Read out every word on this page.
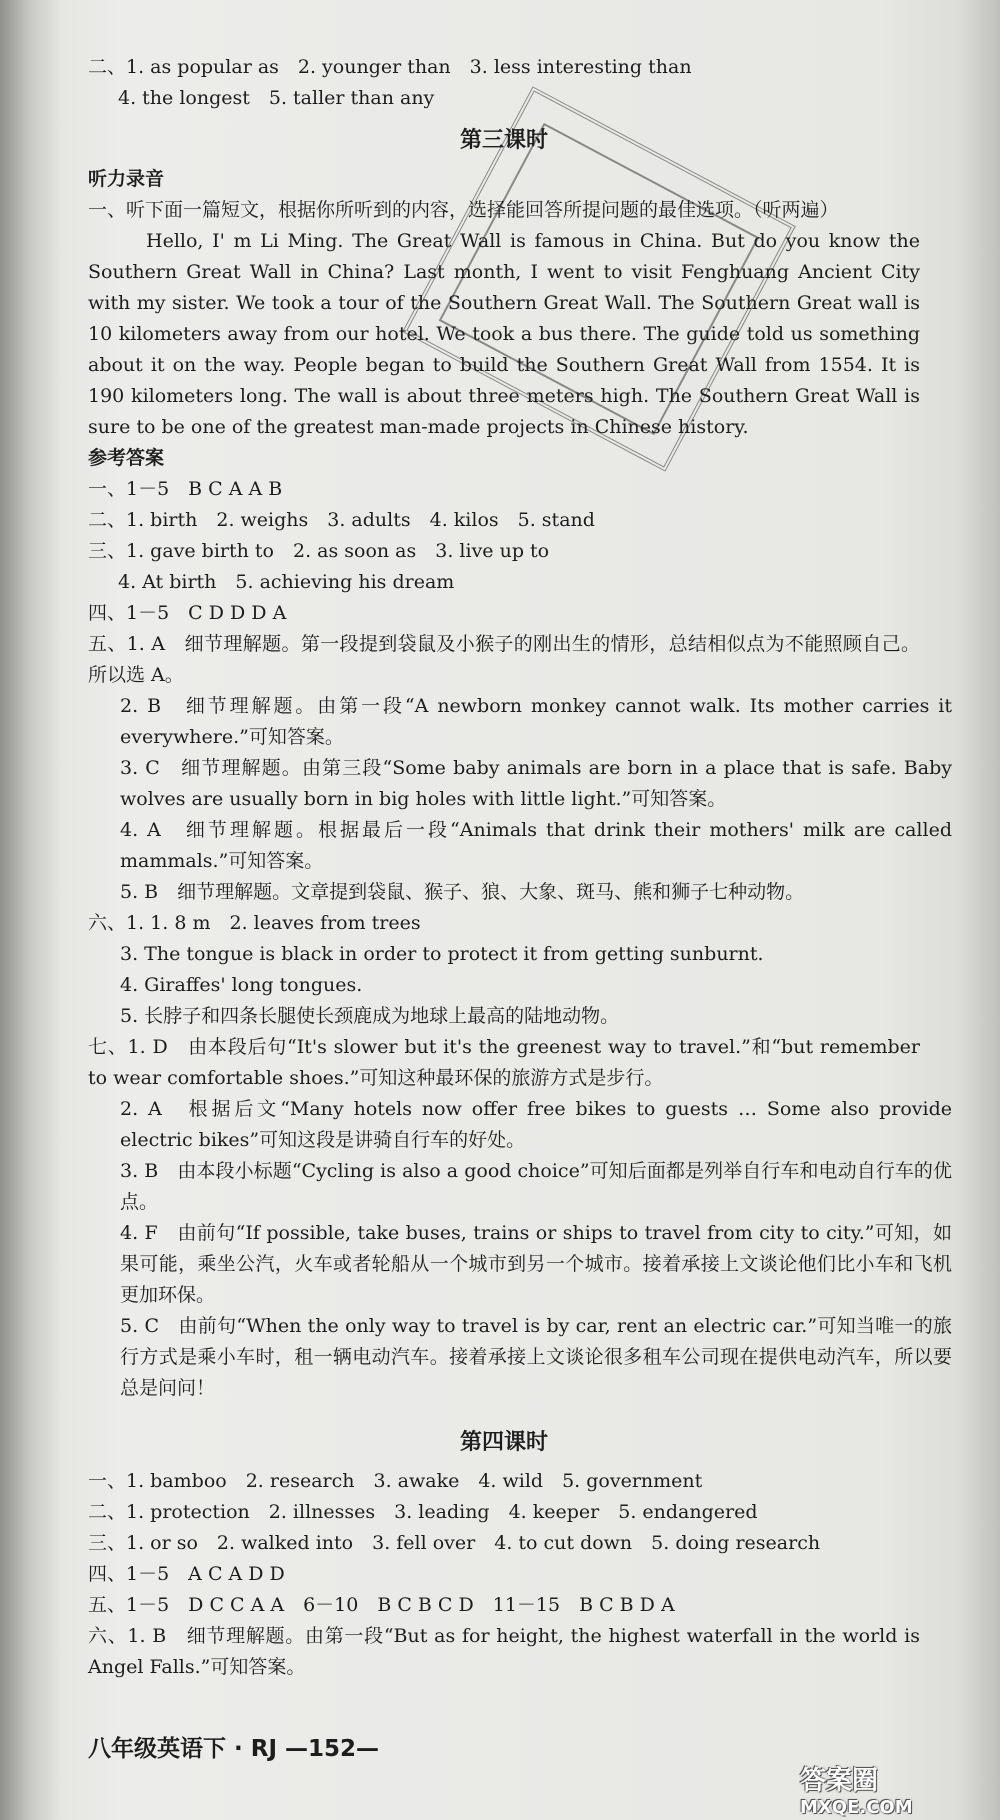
二、1. as popular as　2. younger than　3. less interesting than
4. the longest　5. taller than any
第三课时
听力录音
一、听下面一篇短文，根据你所听到的内容，选择能回答所提问题的最佳选项。（听两遍）
Hello, I' m Li Ming. The Great Wall is famous in China. But do you know the Southern Great Wall in China? Last month, I went to visit Fenghuang Ancient City with my sister. We took a tour of the Southern Great Wall. The Southern Great wall is 10 kilometers away from our hotel. We took a bus there. The guide told us something about it on the way. People began to build the Southern Great Wall from 1554. It is 190 kilometers long. The wall is about three meters high. The Southern Great Wall is sure to be one of the greatest man-made projects in Chinese history.
参考答案
一、1－5　B C A A B
二、1. birth　2. weighs　3. adults　4. kilos　5. stand
三、1. gave birth to　2. as soon as　3. live up to
4. At birth　5. achieving his dream
四、1－5　C D D D A
五、1. A　细节理解题。第一段提到袋鼠及小猴子的刚出生的情形，总结相似点为不能照顾自己。所以选 A。
2. B　细节理解题。由第一段“A newborn monkey cannot walk. Its mother carries it everywhere.”可知答案。
3. C　细节理解题。由第三段“Some baby animals are born in a place that is safe. Baby wolves are usually born in big holes with little light.”可知答案。
4. A　细节理解题。根据最后一段“Animals that drink their mothers' milk are called mammals.”可知答案。
5. B　细节理解题。文章提到袋鼠、猴子、狼、大象、斑马、熊和狮子七种动物。
六、1. 1. 8 m　2. leaves from trees
3. The tongue is black in order to protect it from getting sunburnt.
4. Giraffes' long tongues.
5. 长脖子和四条长腿使长颈鹿成为地球上最高的陆地动物。
七、1. D　由本段后句“It's slower but it's the greenest way to travel.”和“but remember to wear comfortable shoes.”可知这种最环保的旅游方式是步行。
2. A　根据后文“Many hotels now offer free bikes to guests … Some also provide electric bikes”可知这段是讲骑自行车的好处。
3. B　由本段小标题“Cycling is also a good choice”可知后面都是列举自行车和电动自行车的优点。
4. F　由前句“If possible, take buses, trains or ships to travel from city to city.”可知，如果可能，乘坐公汽，火车或者轮船从一个城市到另一个城市。接着承接上文谈论他们比小车和飞机更加环保。
5. C　由前句“When the only way to travel is by car, rent an electric car.”可知当唯一的旅行方式是乘小车时，租一辆电动汽车。接着承接上文谈论很多租车公司现在提供电动汽车，所以要总是问问！
第四课时
一、1. bamboo　2. research　3. awake　4. wild　5. government
二、1. protection　2. illnesses　3. leading　4. keeper　5. endangered
三、1. or so　2. walked into　3. fell over　4. to cut down　5. doing research
四、1－5　A C A D D
五、1－5　D C C A A　6－10　B C B C D　11－15　B C B D A
六、1. B　细节理解题。由第一段“But as for height, the highest waterfall in the world is Angel Falls.”可知答案。
八年级英语下 · RJ —152—
答案圈
MXQE.COM
